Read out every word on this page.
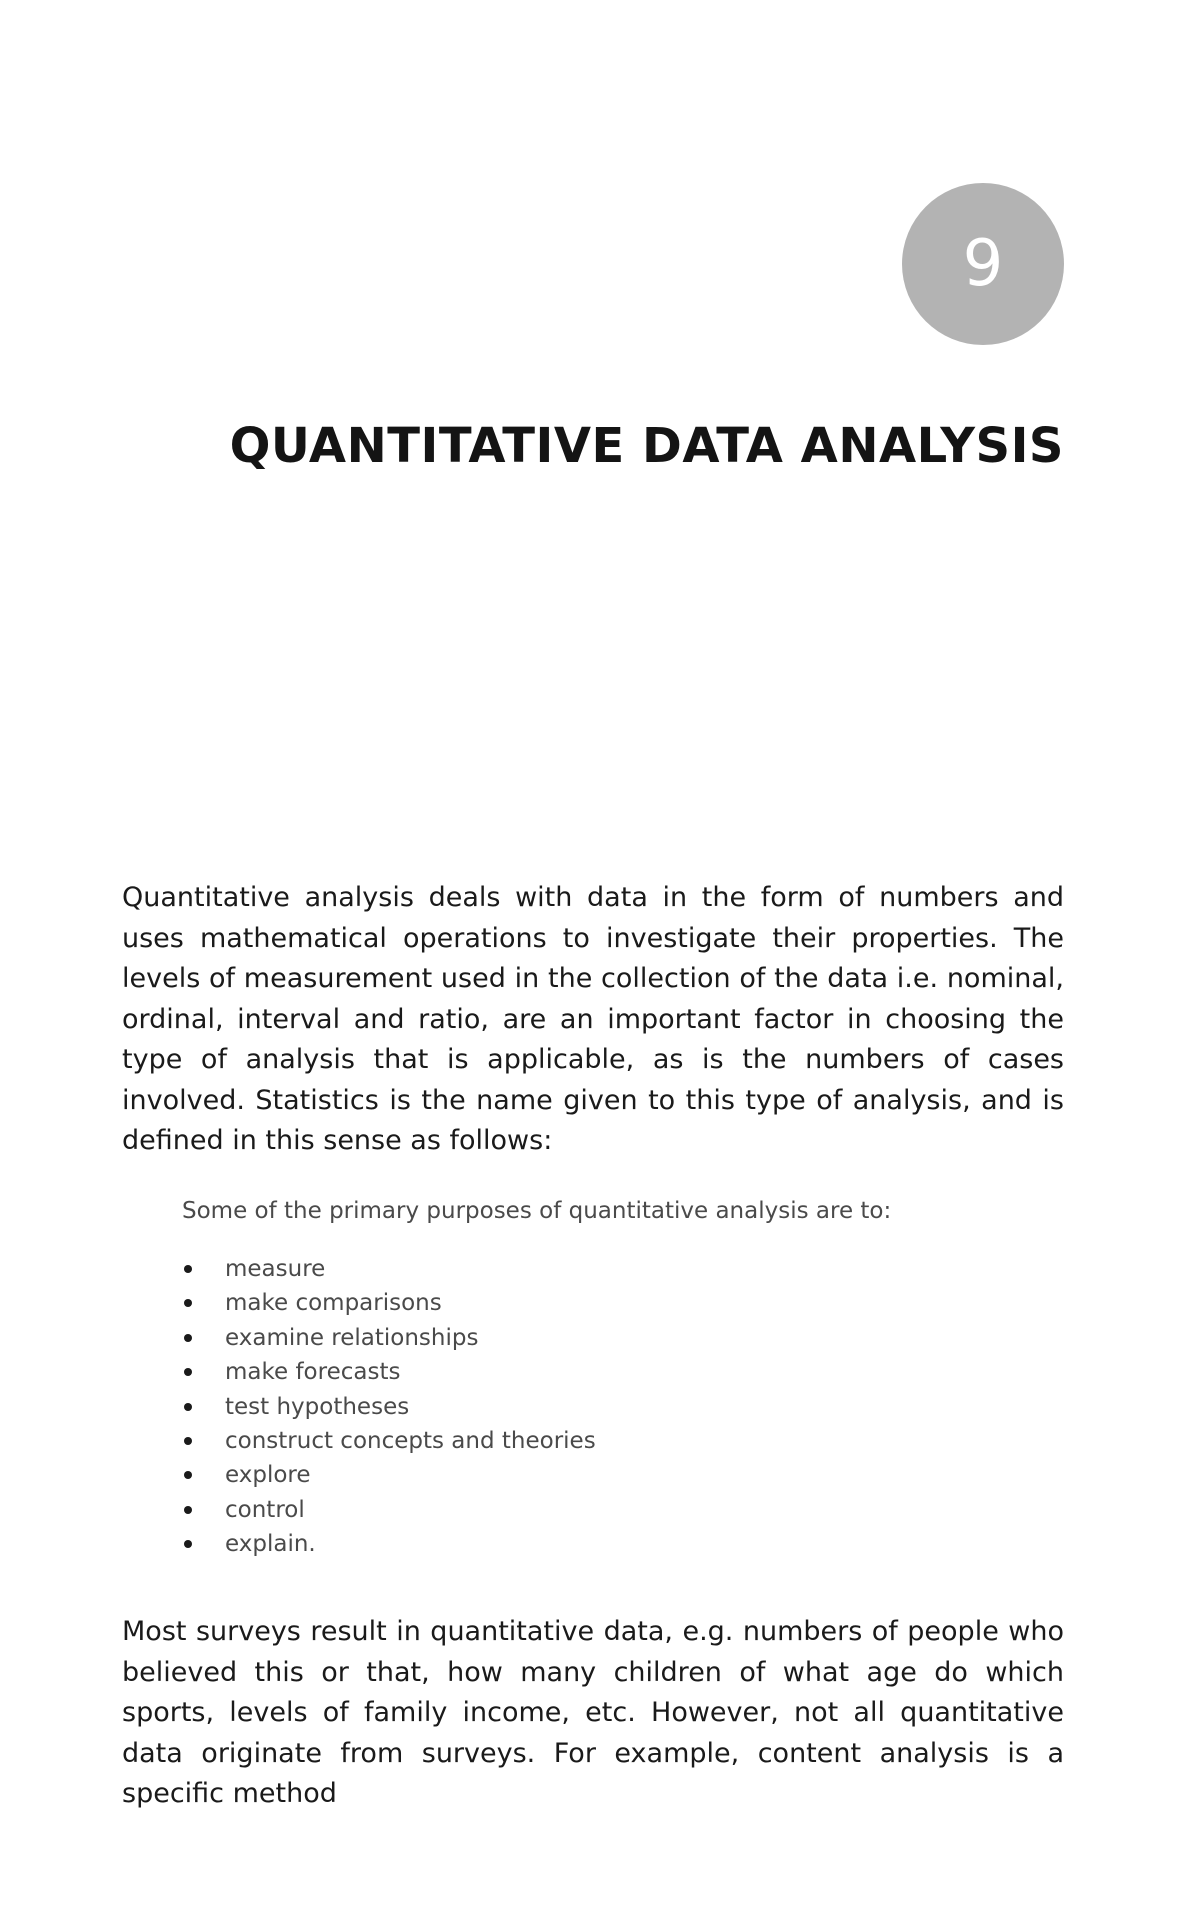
9
QUANTITATIVE DATA ANALYSIS

Quantitative analysis deals with data in the form of numbers and uses mathematical operations to investigate their properties. The levels of measurement used in the collection of the data i.e. nominal, ordinal, interval and ratio, are an important factor in choosing the type of analysis that is applicable, as is the numbers of cases involved. Statistics is the name given to this type of analysis, and is defined in this sense as follows:

Some of the primary purposes of quantitative analysis are to:

measure
make comparisons
examine relationships
make forecasts
test hypotheses
construct concepts and theories
explore
control
explain.

Most surveys result in quantitative data, e.g. numbers of people who believed this or that, how many children of what age do which sports, levels of family income, etc. However, not all quantitative data originate from surveys. For example, content analysis is a specific method
